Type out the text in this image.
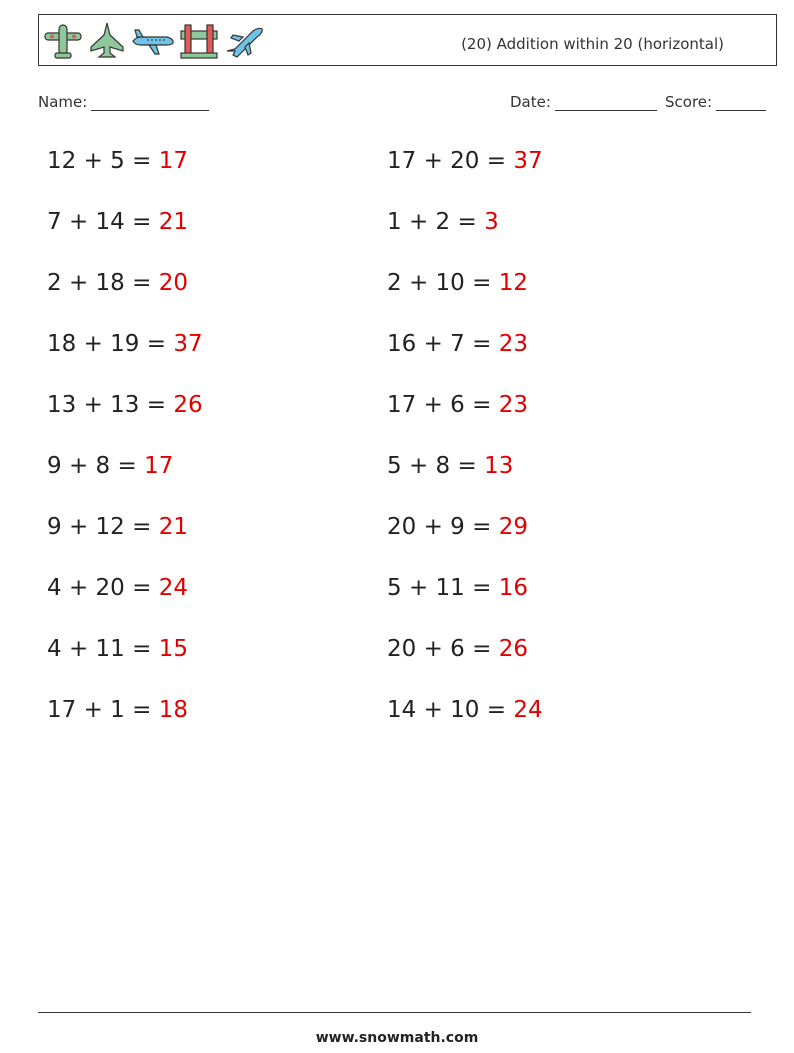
(20) Addition within 20 (horizontal)
Name:	Date:	Score:
12 + 5 = 17
7 + 14 = 21
2 + 18 = 20
18 + 19 = 37
13 + 13 = 26
9 + 8 = 17
9 + 12 = 21
4 + 20 = 24
4 + 11 = 15
17 + 1 = 18
17 + 20 = 37
1 + 2 = 3
2 + 10 = 12
16 + 7 = 23
17 + 6 = 23
5 + 8 = 13
20 + 9 = 29
5 + 11 = 16
20 + 6 = 26
14 + 10 = 24
www.snowmath.com
